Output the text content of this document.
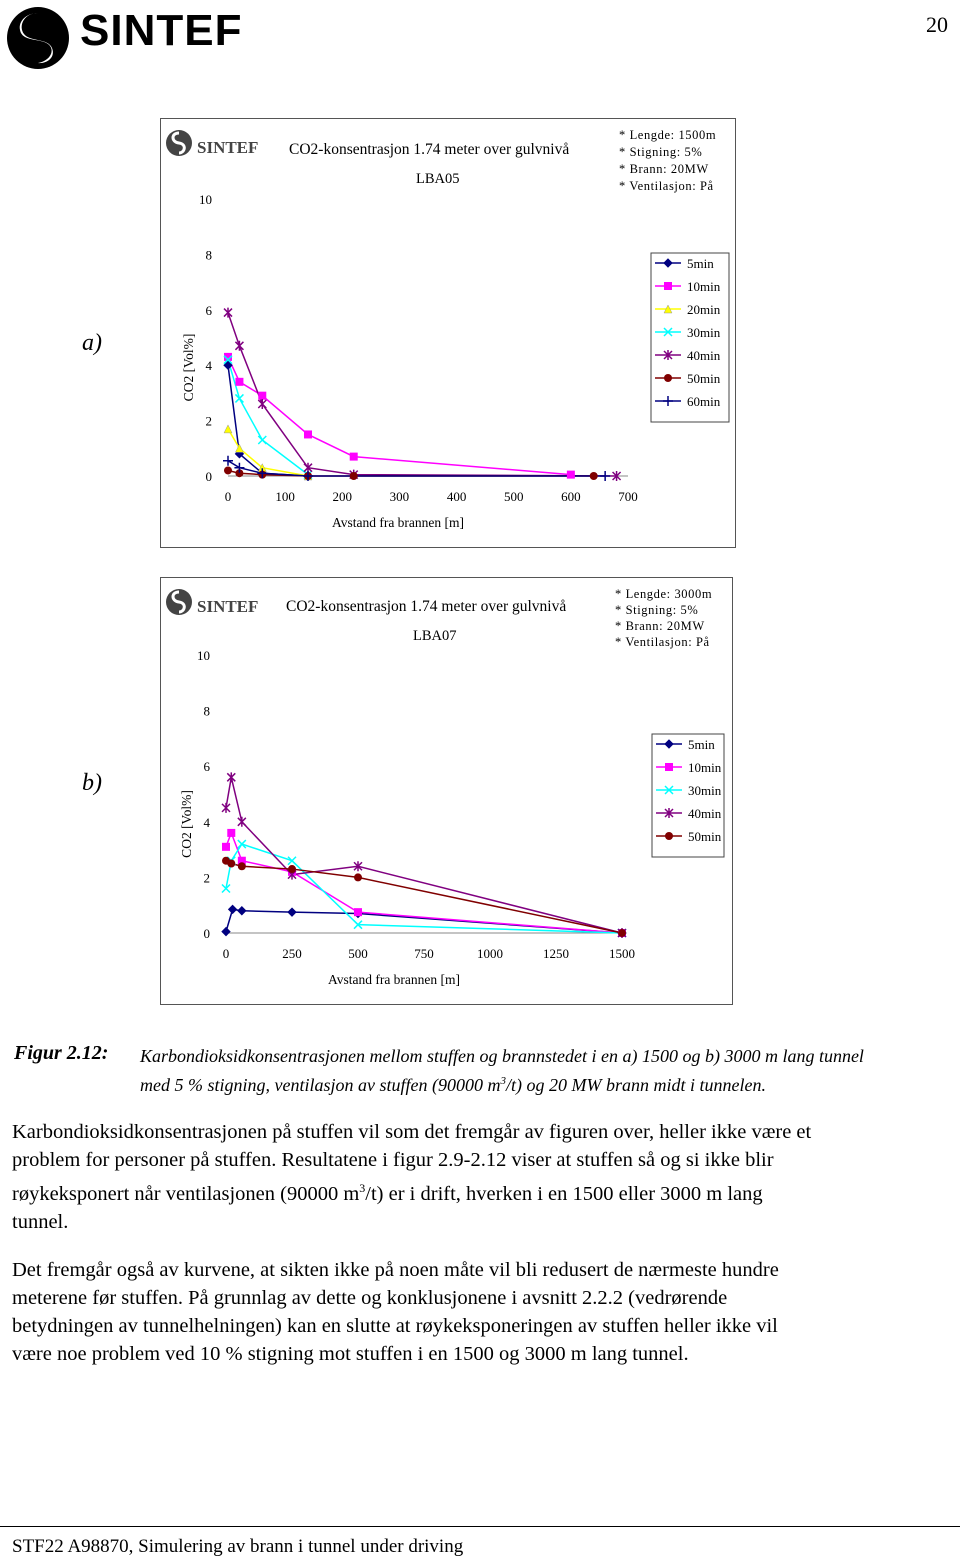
20
SINTEF
a)
b)
SINTEF CO2-konsentrasjon 1.74 meter over gulvnivå
LBA05
* Lengde: 1500m
* Stigning: 5%
* Brann: 20MW
* Ventilasjon: På
0
2
4
6
8
10
0	100	200	300	400	500	600	700
CO2 [Vol%]
Avstand fra brannen [m]
5min
10min
20min
30min
40min
50min
60min
SINTEF CO2-konsentrasjon 1.74 meter over gulvnivå
LBA07
* Lengde: 3000m
* Stigning: 5%
* Brann: 20MW
* Ventilasjon: På
0
2
4
6
8
10
0	250	500	750	1000	1250	1500
CO2 [Vol%]
Avstand fra brannen [m]
5min
10min
30min
40min
50min
Figur 2.12: Karbondioksidkonsentrasjonen mellom stuffen og brannstedet i en a) 1500 og b) 3000 m lang tunnel
med 5 % stigning, ventilasjon av stuffen (90000 $m^3/t$) og 20 MW brann midt i tunnelen.
Karbondioksidkonsentrasjonen på stuffen vil som det fremgår av figuren over, heller ikke være et
problem for personer på stuffen. Resultatene i figur 2.9-2.12 viser at stuffen så og si ikke blir
røykeksponert når ventilasjonen (90000 $m^3/t$) er i drift, hverken i en 1500 eller 3000 m lang
tunnel.
Det fremgår også av kurvene, at sikten ikke på noen måte vil bli redusert de nærmeste hundre
meterene før stuffen. På grunnlag av dette og konklusjonene i avsnitt 2.2.2 (vedrørende
betydningen av tunnelhelningen) kan en slutte at røykeksponeringen av stuffen heller ikke vil
være noe problem ved 10 % stigning mot stuffen i en 1500 og 3000 m lang tunnel.
STF22 A98870, Simulering av brann i tunnel under driving
